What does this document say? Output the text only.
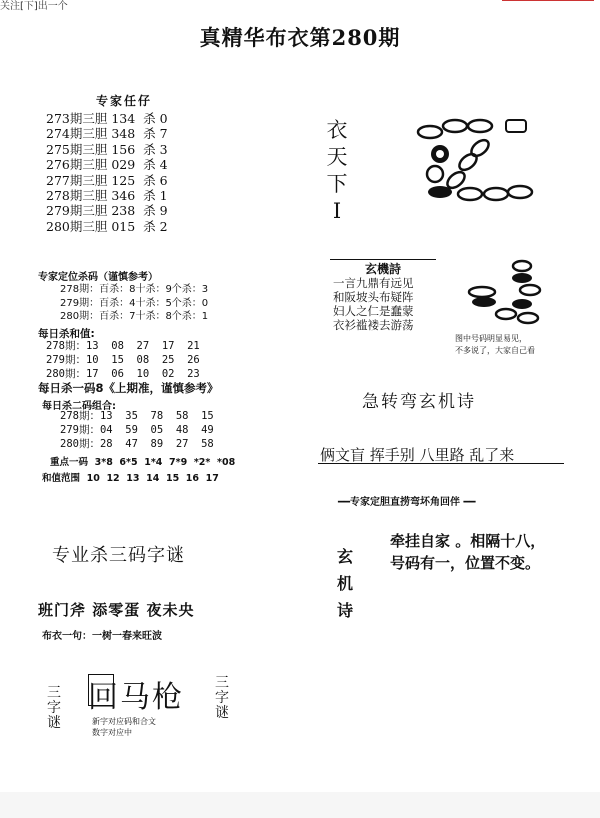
关注[下]出一个
真精华布衣第280期
专家任仔
273期三胆 134 杀 0
274期三胆 348 杀 7
275期三胆 156 杀 3
276期三胆 029 杀 4
277期三胆 125 杀 6
278期三胆 346 杀 1
279期三胆 238 杀 9
280期三胆 015 杀 2
专家定位杀码（谨慎参考）
278期：百杀：8十杀：9个杀：3
279期：百杀：4十杀：5个杀：0
280期：百杀：7十杀：8个杀：1
每日杀和值:
278期：13  08  27  17  21
279期：10  15  08  25  26
280期：17  06  10  02  23
每日杀一码8《上期准，谨慎参考》
每日杀二码组合:
278期：13  35  78  58  15
279期：04  59  05  48  49
280期：28  47  89  27  58
重点一码  3*8  6*5  1*4  7*9  *2*  *08
和值范围  10  12  13  14  15  16  17
专业杀三码字谜
班门斧 添零蛋 夜未央
布衣一句：一树一春来旺波
三字谜
回马枪 三字谜
新字对应码和合文数字对应中
衣天下I
玄機詩
一言九鼎有远见
和阪坡头布疑阵
妇人之仁是蠢蒙
衣衫褴褛去游荡
图中号码明显易见，
不多说了，大家自己看
急转弯玄机诗
俩文盲 挥手别 八里路 乱了来
━━专家定胆直捞弯坏角回伴 ━━
玄机诗
牵挂自家 。相隔十八，
号码有一，位置不变。
